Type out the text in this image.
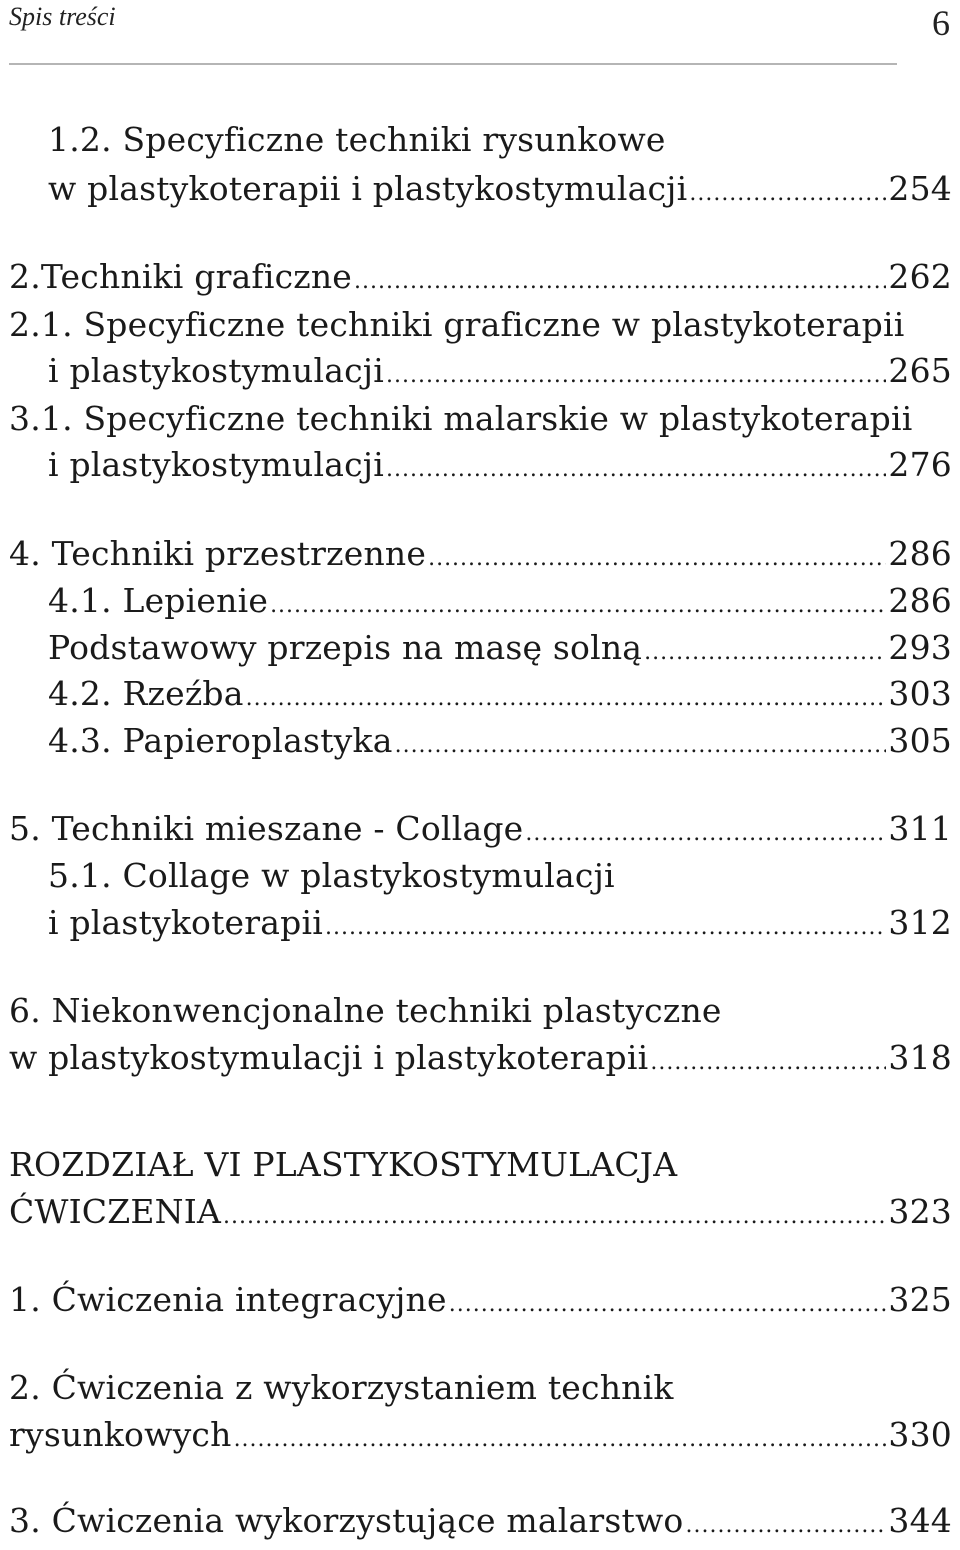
Spis treści	6
1.2. Specyficzne techniki rysunkowe
w plastykoterapii i plastykostymulacji .....	254
2.Techniki graficzne .....	262
2.1. Specyficzne techniki graficzne w plastykoterapii
i plastykostymulacji .....	265
3.1. Specyficzne techniki malarskie w plastykoterapii
i plastykostymulacji .....	276
4. Techniki przestrzenne .....	286
4.1. Lepienie .....	286
Podstawowy przepis na masę solną .....	293
4.2. Rzeźba .....	303
4.3. Papieroplastyka .....	305
5. Techniki mieszane - Collage .....	311
5.1. Collage w plastykostymulacji
i plastykoterapii .....	312
6. Niekonwencjonalne techniki plastyczne
w plastykostymulacji i plastykoterapii .....	318
ROZDZIAŁ VI PLASTYKOSTYMULACJA
ĆWICZENIA .....	323
1. Ćwiczenia integracyjne .....	325
2. Ćwiczenia z wykorzystaniem technik
rysunkowych .....	330
3. Ćwiczenia wykorzystujące malarstwo .....	344
